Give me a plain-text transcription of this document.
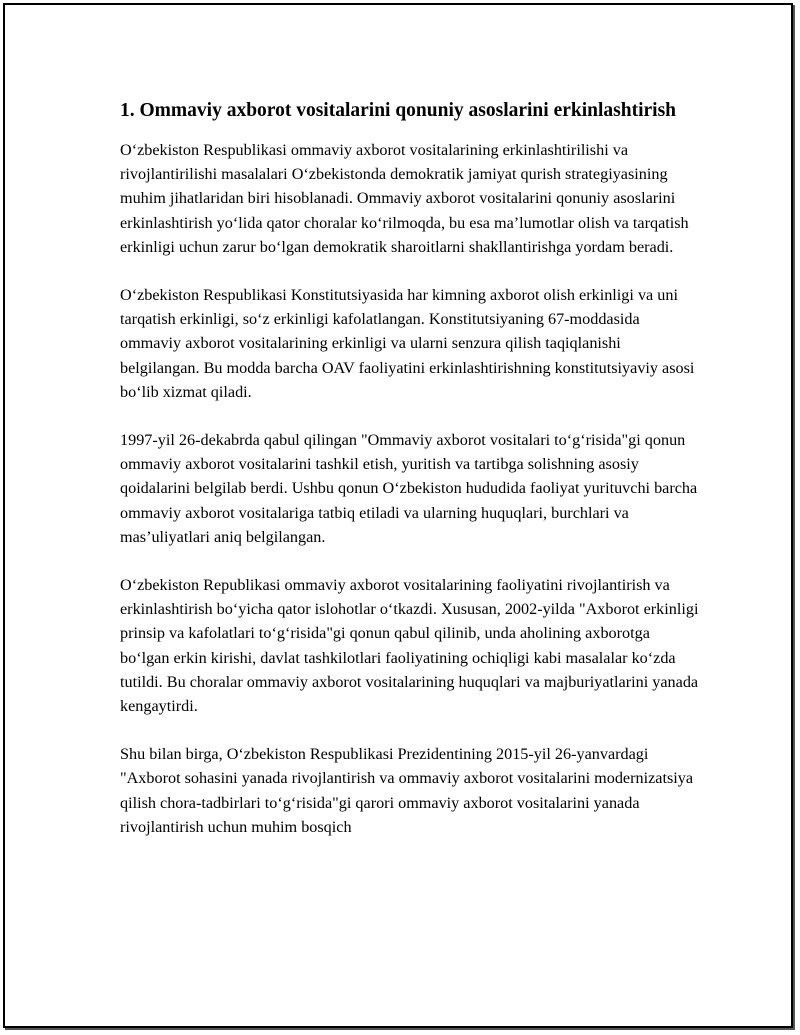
1. Ommaviy axborot vositalarini qonuniy asoslarini erkinlashtirish

O‘zbekiston Respublikasi ommaviy axborot vositalarining erkinlashtirilishi va rivojlantirilishi masalalari O‘zbekistonda demokratik jamiyat qurish strategiyasining muhim jihatlaridan biri hisoblanadi. Ommaviy axborot vositalarini qonuniy asoslarini erkinlashtirish yo‘lida qator choralar ko‘rilmoqda, bu esa ma’lumotlar olish va tarqatish erkinligi uchun zarur bo‘lgan demokratik sharoitlarni shakllantirishga yordam beradi.

O‘zbekiston Respublikasi Konstitutsiyasida har kimning axborot olish erkinligi va uni tarqatish erkinligi, so‘z erkinligi kafolatlangan. Konstitutsiyaning 67-moddasida ommaviy axborot vositalarining erkinligi va ularni senzura qilish taqiqlanishi belgilangan. Bu modda barcha OAV faoliyatini erkinlashtirishning konstitutsiyaviy asosi bo‘lib xizmat qiladi.

1997-yil 26-dekabrda qabul qilingan "Ommaviy axborot vositalari to‘g‘risida"gi qonun ommaviy axborot vositalarini tashkil etish, yuritish va tartibga solishning asosiy qoidalarini belgilab berdi. Ushbu qonun O‘zbekiston hududida faoliyat yurituvchi barcha ommaviy axborot vositalariga tatbiq etiladi va ularning huquqlari, burchlari va mas’uliyatlari aniq belgilangan.

O‘zbekiston Republikasi ommaviy axborot vositalarining faoliyatini rivojlantirish va erkinlashtirish bo‘yicha qator islohotlar o‘tkazdi. Xususan, 2002-yilda "Axborot erkinligi prinsip va kafolatlari to‘g‘risida"gi qonun qabul qilinib, unda aholining axborotga bo‘lgan erkin kirishi, davlat tashkilotlari faoliyatining ochiqligi kabi masalalar ko‘zda tutildi. Bu choralar ommaviy axborot vositalarining huquqlari va majburiyatlarini yanada kengaytirdi.

Shu bilan birga, O‘zbekiston Respublikasi Prezidentining 2015-yil 26-yanvardagi "Axborot sohasini yanada rivojlantirish va ommaviy axborot vositalarini modernizatsiya qilish chora-tadbirlari to‘g‘risida"gi qarori ommaviy axborot vositalarini yanada rivojlantirish uchun muhim bosqich
